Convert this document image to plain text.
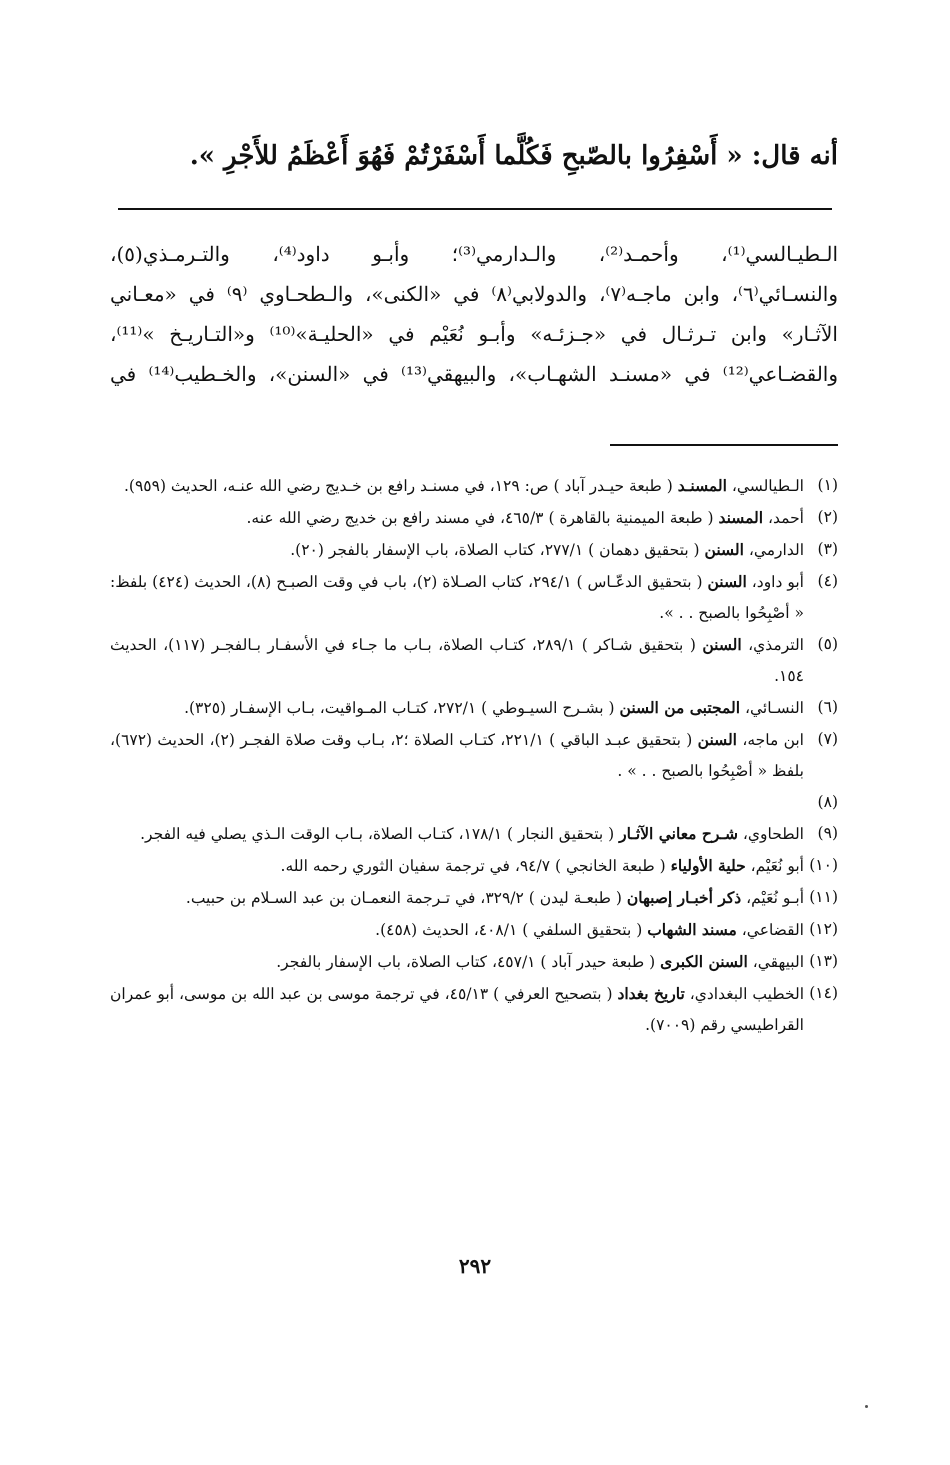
أنه قال: « أَسْفِرُوا بالصّبحِ فَكُلَّما أَسْفَرْتُمْ فَهُوَ أَعْظَمُ للأَجْرِ ».

الـطيـالسي⁽¹⁾، وأحمـد⁽²⁾، والـدارمي⁽³⁾؛ وأبـو داود⁽⁴⁾، والتـرمـذي(٥)،

والنسـائي⁽٦⁾، وابن ماجـه⁽٧⁾، والدولابي⁽٨⁾ في «الكنى»، والـطحـاوي ⁽٩⁾ في «معـاني

الآثـار» وابن تـرثـال في «جـزئـه» وأبـو نُعَيْم في «الحليـة»⁽¹⁰⁾ و«التـاريـخ »⁽¹¹⁾،

والقضـاعي⁽¹²⁾ في «مسنـد الشهـاب»، والبيهقي⁽¹³⁾ في «السنن»، والخـطيب⁽¹⁴⁾ في

(١)
الـطيالسي، المسنـد ( طبعة حيـدر آباد ) ص: ١٢٩، في مسنـد رافع بن خـديج رضي الله عنـه، الحديث (٩٥٩).
(٢)
أحمد، المسند ( طبعة الميمنية بالقاهرة ) ٤٦٥/٣، في مسند رافع بن خديج رضي الله عنه.
(٣)
الدارمي، السنن ( بتحقيق دهمان ) ٢٧٧/١، كتاب الصلاة، باب الإسفار بالفجر (٢٠).
(٤)
أبو داود، السنن ( بتحقيق الدعّـاس ) ٢٩٤/١، كتاب الصـلاة (٢)، باب في وقت الصبـح (٨)، الحديث (٤٢٤) بلفظ: « أصْبِحُوا بالصبح . . ».
(٥)
الترمذي، السنن ( بتحقيق شـاكر ) ٢٨٩/١، كتـاب الصلاة، بـاب ما جـاء في الأسفـار بـالفجـر (١١٧)، الحديث ١٥٤.
(٦)
النسـائي، المجتبى من السنن ( بشـرح السيـوطي ) ٢٧٢/١، كتـاب المـواقيت، بـاب الإسفـار (٣٢٥).
(٧)
ابن ماجه، السنن ( بتحقيق عبـد الباقي ) ٢٢١/١، كتـاب الصلاة ؛٢، بـاب وقت صلاة الفجـر (٢)، الحديث (٦٧٢)، بلفظ « أصْبِحُوا بالصبح . . » .
(٨)
(٩)
الطحاوي، شـرح معاني الآثـار ( بتحقيق النجار ) ١٧٨/١، كتـاب الصلاة، بـاب الوقت الـذي يصلي فيه الفجر.
(١٠)
أبو نُعَيْم، حلية الأولياء ( طبعة الخانجي ) ٩٤/٧، في ترجمة سفيان الثوري رحمه الله.
(١١)
أبـو نُعَيْم، ذكر أخبـار إصبهان ( طبعـة ليدن ) ٣٢٩/٢، في تـرجمة النعمـان بن عبد السـلام بن حبيب.
(١٢)
القضاعي، مسند الشهاب ( بتحقيق السلفي ) ٤٠٨/١، الحديث (٤٥٨).
(١٣)
البيهقي، السنن الكبرى ( طبعة حيدر آباد ) ٤٥٧/١، كتاب الصلاة، باب الإسفار بالفجر.
(١٤)
الخطيب البغدادي، تاريخ بغداد ( بتصحيح العرفي ) ٤٥/١٣، في ترجمة موسى بن عبد الله بن موسى، أبو عمران القراطيسي رقم (٧٠٠٩).
٢٩٢
